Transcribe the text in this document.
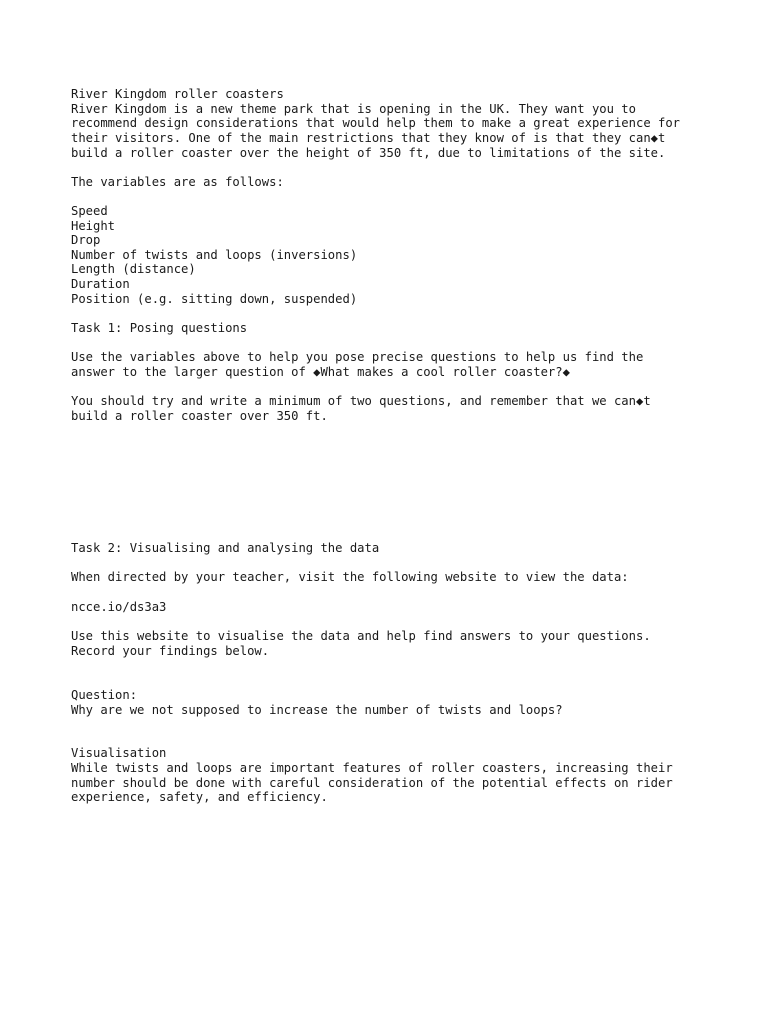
River Kingdom roller coasters
River Kingdom is a new theme park that is opening in the UK. They want you to
recommend design considerations that would help them to make a great experience for
their visitors. One of the main restrictions that they know of is that they can◆t
build a roller coaster over the height of 350 ft, due to limitations of the site.
The variables are as follows:
Speed
Height
Drop
Number of twists and loops (inversions)
Length (distance)
Duration
Position (e.g. sitting down, suspended)
Task 1: Posing questions
Use the variables above to help you pose precise questions to help us find the
answer to the larger question of ◆What makes a cool roller coaster?◆
You should try and write a minimum of two questions, and remember that we can◆t
build a roller coaster over 350 ft.
Task 2: Visualising and analysing the data
When directed by your teacher, visit the following website to view the data:
ncce.io/ds3a3
Use this website to visualise the data and help find answers to your questions.
Record your findings below.
Question:
Why are we not supposed to increase the number of twists and loops?
Visualisation
While twists and loops are important features of roller coasters, increasing their
number should be done with careful consideration of the potential effects on rider
experience, safety, and efficiency.
